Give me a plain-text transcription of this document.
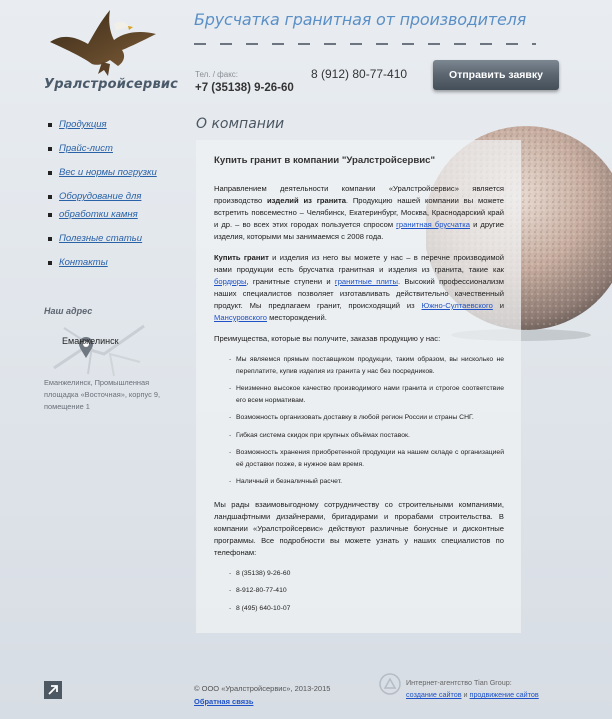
Уралстройсервис
Брусчатка гранитная от производителя
Тел. / факс:
+7 (35138) 9-26-60
8 (912) 80-77-410	Отправить заявку
Продукция
Прайс-лист
Вес и нормы погрузки
Оборудование для
обработки камня
Полезные статьи
Контакты
Наш адрес
Еманжелинск
Еманжелинск, Промышленная площадка «Восточная», корпус 9, помещение 1
О компании
Купить гранит в компании "Уралстройсервис"

Направлением деятельности компании «Уралстройсервис» является производство изделий из гранита. Продукцию нашей компании вы можете встретить повсеместно – Челябинск, Екатеринбург, Москва, Краснодарский край и др. – во всех этих городах пользуется спросом гранитная брусчатка и другие изделия, которыми мы занимаемся с 2008 года.

Купить гранит и изделия из него вы можете у нас – в перечне производимой нами продукции есть брусчатка гранитная и изделия из гранита, такие как бордюры, гранитные ступени и гранитные плиты. Высокий профессионализм наших специалистов позволяет изготавливать действительно качественный продукт. Мы предлагаем гранит, происходящий из Южно-Султаевского и Мансуровского месторождений.

Преимущества, которые вы получите, заказав продукцию у нас:

- Мы являемся прямым поставщиком продукции, таким образом, вы нисколько не переплатите, купив изделия из гранита у нас без посредников.
- Неизменно высокое качество производимого нами гранита и строгое соответствие его всем нормативам.
- Возможность организовать доставку в любой регион России и страны СНГ.
- Гибкая система скидок при крупных объёмах поставок.
- Возможность хранения приобретенной продукции на нашем складе с организацией её доставки позже, в нужное вам время.
- Наличный и безналичный расчет.

Мы рады взаимовыгодному сотрудничеству со строительными компаниями, ландшафтными дизайнерами, бригадирами и прорабами строительства. В компании «Уралстройсервис» действуют различные бонусные и дисконтные программы. Все подробности вы можете узнать у наших специалистов по телефонам:

- 8 (35138) 9-26-60
- 8-912-80-77-410
- 8 (495) 640-10-07
© ООО «Уралстройсервис», 2013-2015
Обратная связь
Интернет-агентство Tian Group:
создание сайтов и продвижение сайтов
